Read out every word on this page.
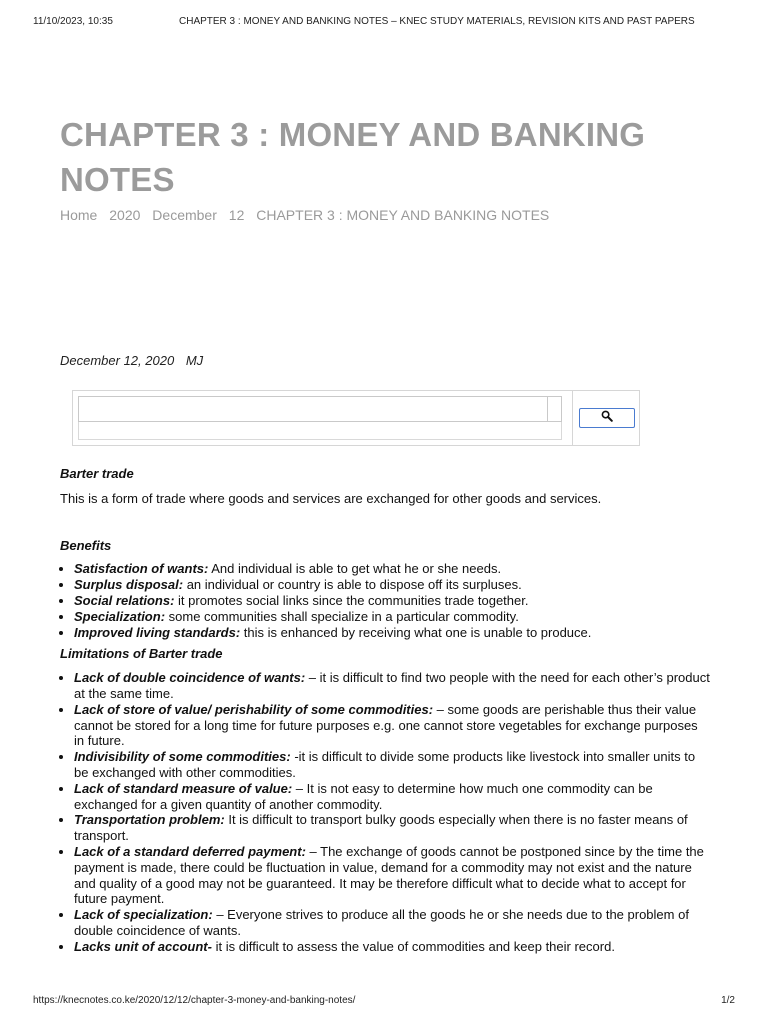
11/10/2023, 10:35	CHAPTER 3 : MONEY AND BANKING NOTES – KNEC STUDY MATERIALS, REVISION KITS AND PAST PAPERS
CHAPTER 3 : MONEY AND BANKING NOTES
Home 2020 December 12 CHAPTER 3 : MONEY AND BANKING NOTES
December 12, 2020 MJ

Barter trade

This is a form of trade where goods and services are exchanged for other goods and services.

Benefits

• Satisfaction of wants: And individual is able to get what he or she needs.
• Surplus disposal: an individual or country is able to dispose off its surpluses.
• Social relations: it promotes social links since the communities trade together.
• Specialization: some communities shall specialize in a particular commodity.
• Improved living standards: this is enhanced by receiving what one is unable to produce.

Limitations of Barter trade

• Lack of double coincidence of wants: – it is difficult to find two people with the need for each other’s product at the same time.
• Lack of store of value/ perishability of some commodities: – some goods are perishable thus their value cannot be stored for a long time for future purposes e.g. one cannot store vegetables for exchange purposes in future.
• Indivisibility of some commodities: -it is difficult to divide some products like livestock into smaller units to be exchanged with other commodities.
• Lack of standard measure of value: – It is not easy to determine how much one commodity can be exchanged for a given quantity of another commodity.
• Transportation problem: It is difficult to transport bulky goods especially when there is no faster means of transport.
• Lack of a standard deferred payment: – The exchange of goods cannot be postponed since by the time the payment is made, there could be fluctuation in value, demand for a commodity may not exist and the nature and quality of a good may not be guaranteed. It may be therefore difficult what to decide what to accept for future payment.
• Lack of specialization: – Everyone strives to produce all the goods he or she needs due to the problem of double coincidence of wants.
• Lacks unit of account- it is difficult to assess the value of commodities and keep their record.
https://knecnotes.co.ke/2020/12/12/chapter-3-money-and-banking-notes/	1/2
